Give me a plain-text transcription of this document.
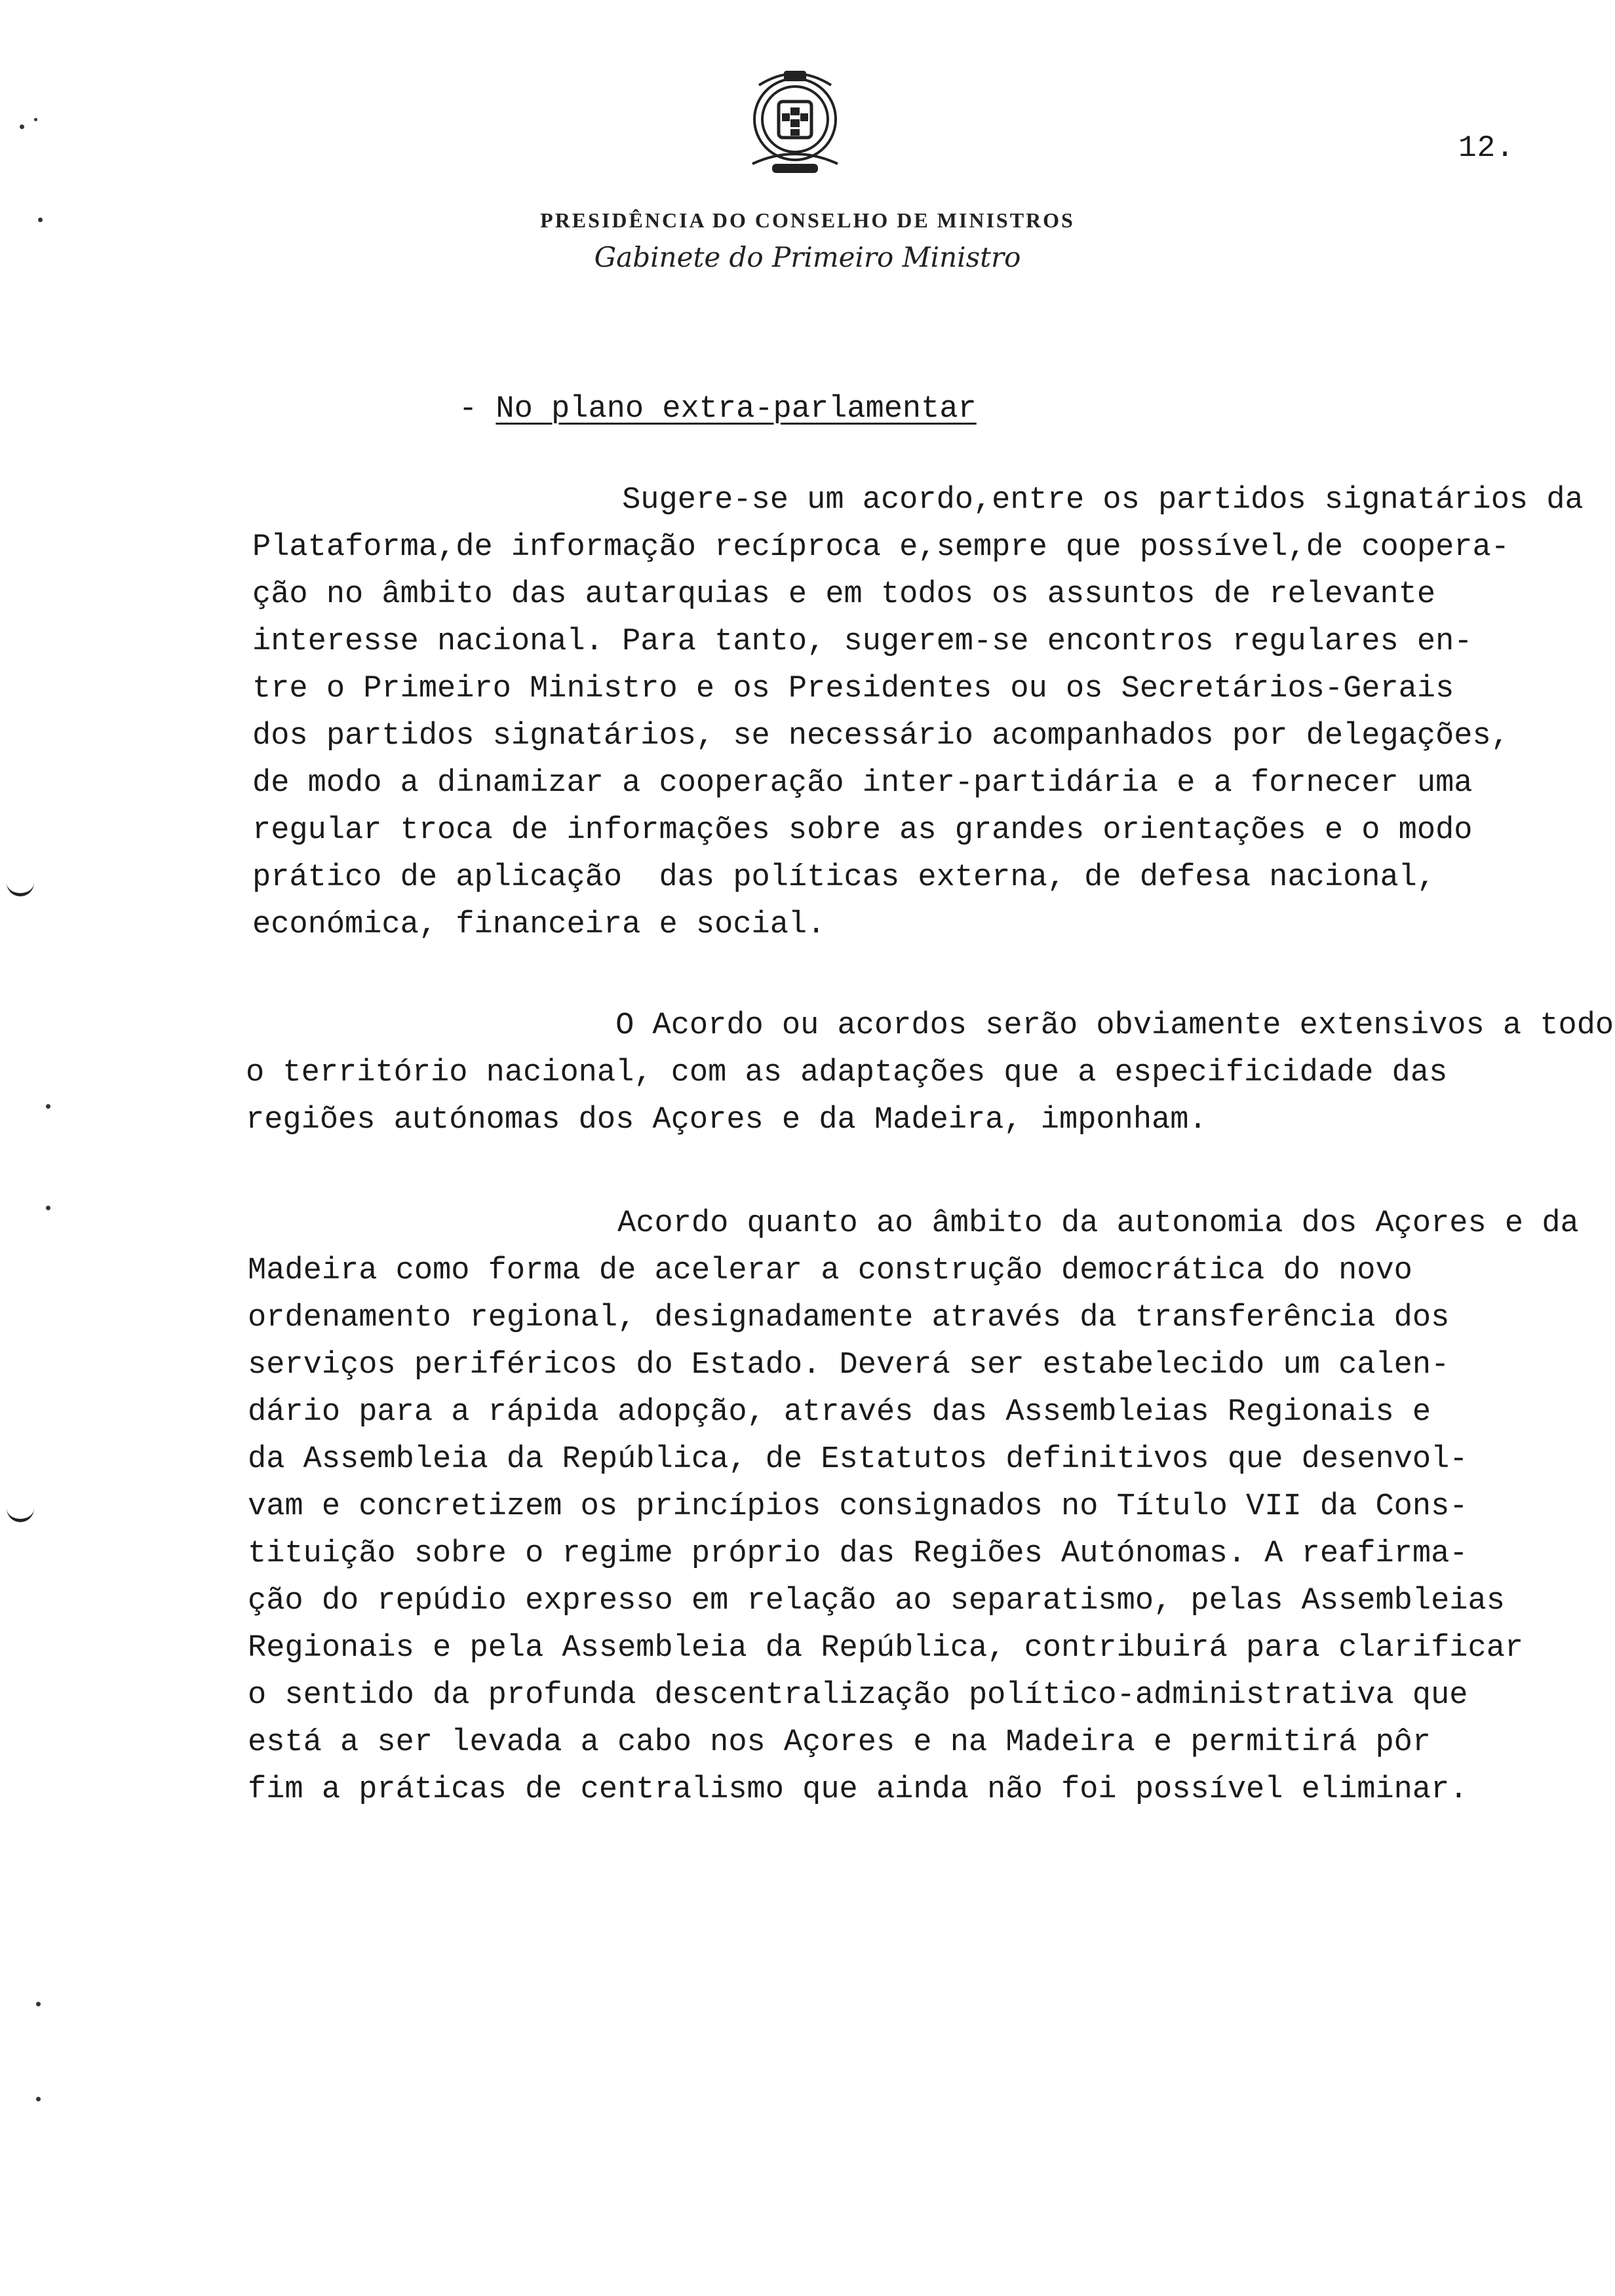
12.
PRESIDÊNCIA DO CONSELHO DE MINISTROS
Gabinete do Primeiro Ministro
- No plano extra-parlamentar
Sugere-se um acordo,entre os partidos signatários da
Plataforma,de informação recíproca e,sempre que possível,de coopera-
ção no âmbito das autarquias e em todos os assuntos de relevante
interesse nacional. Para tanto, sugerem-se encontros regulares en-
tre o Primeiro Ministro e os Presidentes ou os Secretários-Gerais
dos partidos signatários, se necessário acompanhados por delegações,
de modo a dinamizar a cooperação inter-partidária e a fornecer uma
regular troca de informações sobre as grandes orientações e o modo
prático de aplicação  das políticas externa, de defesa nacional,
económica, financeira e social.
O Acordo ou acordos serão obviamente extensivos a todo
o território nacional, com as adaptações que a especificidade das
regiões autónomas dos Açores e da Madeira, imponham.
Acordo quanto ao âmbito da autonomia dos Açores e da
Madeira como forma de acelerar a construção democrática do novo
ordenamento regional, designadamente através da transferência dos
serviços periféricos do Estado. Deverá ser estabelecido um calen-
dário para a rápida adopção, através das Assembleias Regionais e
da Assembleia da República, de Estatutos definitivos que desenvol-
vam e concretizem os princípios consignados no Título VII da Cons-
tituição sobre o regime próprio das Regiões Autónomas. A reafirma-
ção do repúdio expresso em relação ao separatismo, pelas Assembleias
Regionais e pela Assembleia da República, contribuirá para clarificar
o sentido da profunda descentralização político-administrativa que
está a ser levada a cabo nos Açores e na Madeira e permitirá pôr
fim a práticas de centralismo que ainda não foi possível eliminar.
